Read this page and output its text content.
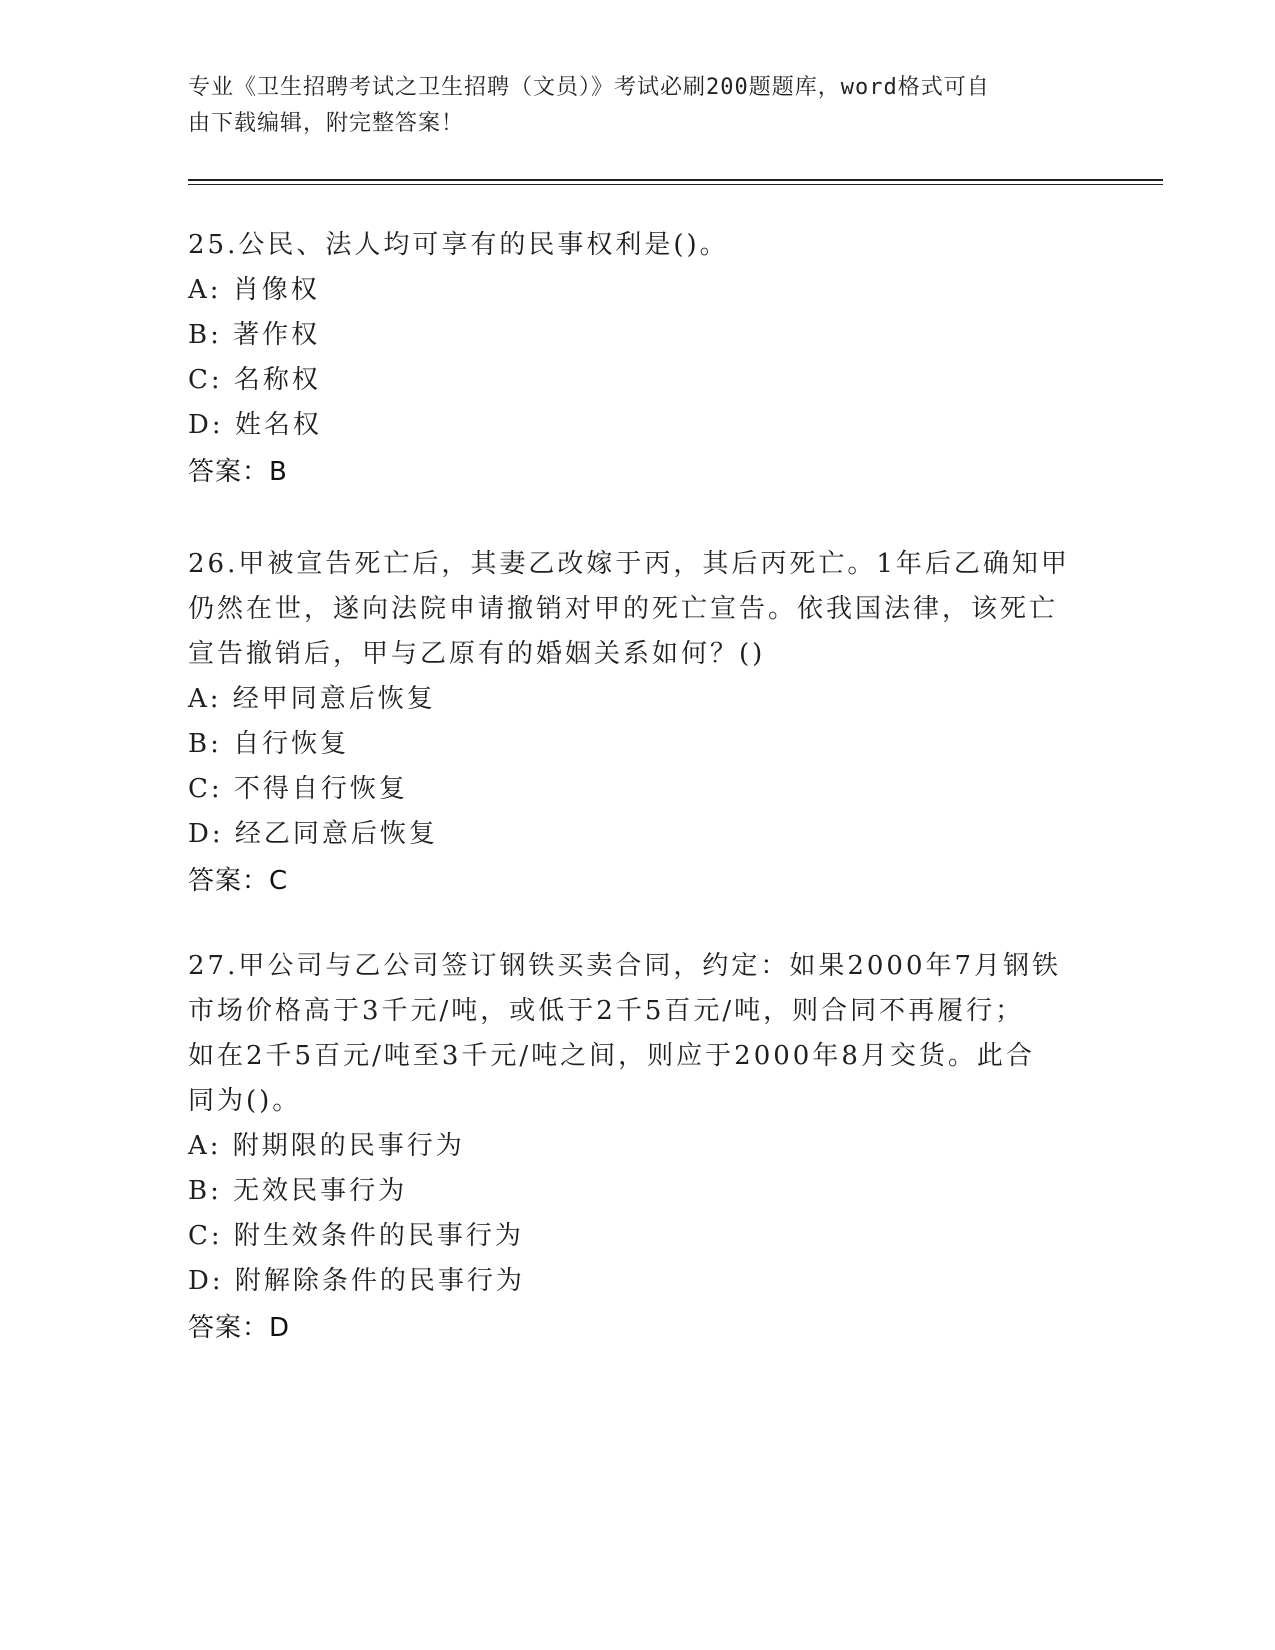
专业《卫生招聘考试之卫生招聘（文员）》考试必刷200题题库，word格式可自
由下载编辑，附完整答案！
25.公民、法人均可享有的民事权利是()。
A: 肖像权
B: 著作权
C: 名称权
D: 姓名权
答案：B
26.甲被宣告死亡后，其妻乙改嫁于丙，其后丙死亡。1年后乙确知甲
仍然在世，遂向法院申请撤销对甲的死亡宣告。依我国法律，该死亡
宣告撤销后，甲与乙原有的婚姻关系如何？()
A: 经甲同意后恢复
B: 自行恢复
C: 不得自行恢复
D: 经乙同意后恢复
答案：C
27.甲公司与乙公司签订钢铁买卖合同，约定：如果2000年7月钢铁
市场价格高于3千元/吨，或低于2千5百元/吨，则合同不再履行；
如在2千5百元/吨至3千元/吨之间，则应于2000年8月交货。此合
同为()。
A: 附期限的民事行为
B: 无效民事行为
C: 附生效条件的民事行为
D: 附解除条件的民事行为
答案：D
